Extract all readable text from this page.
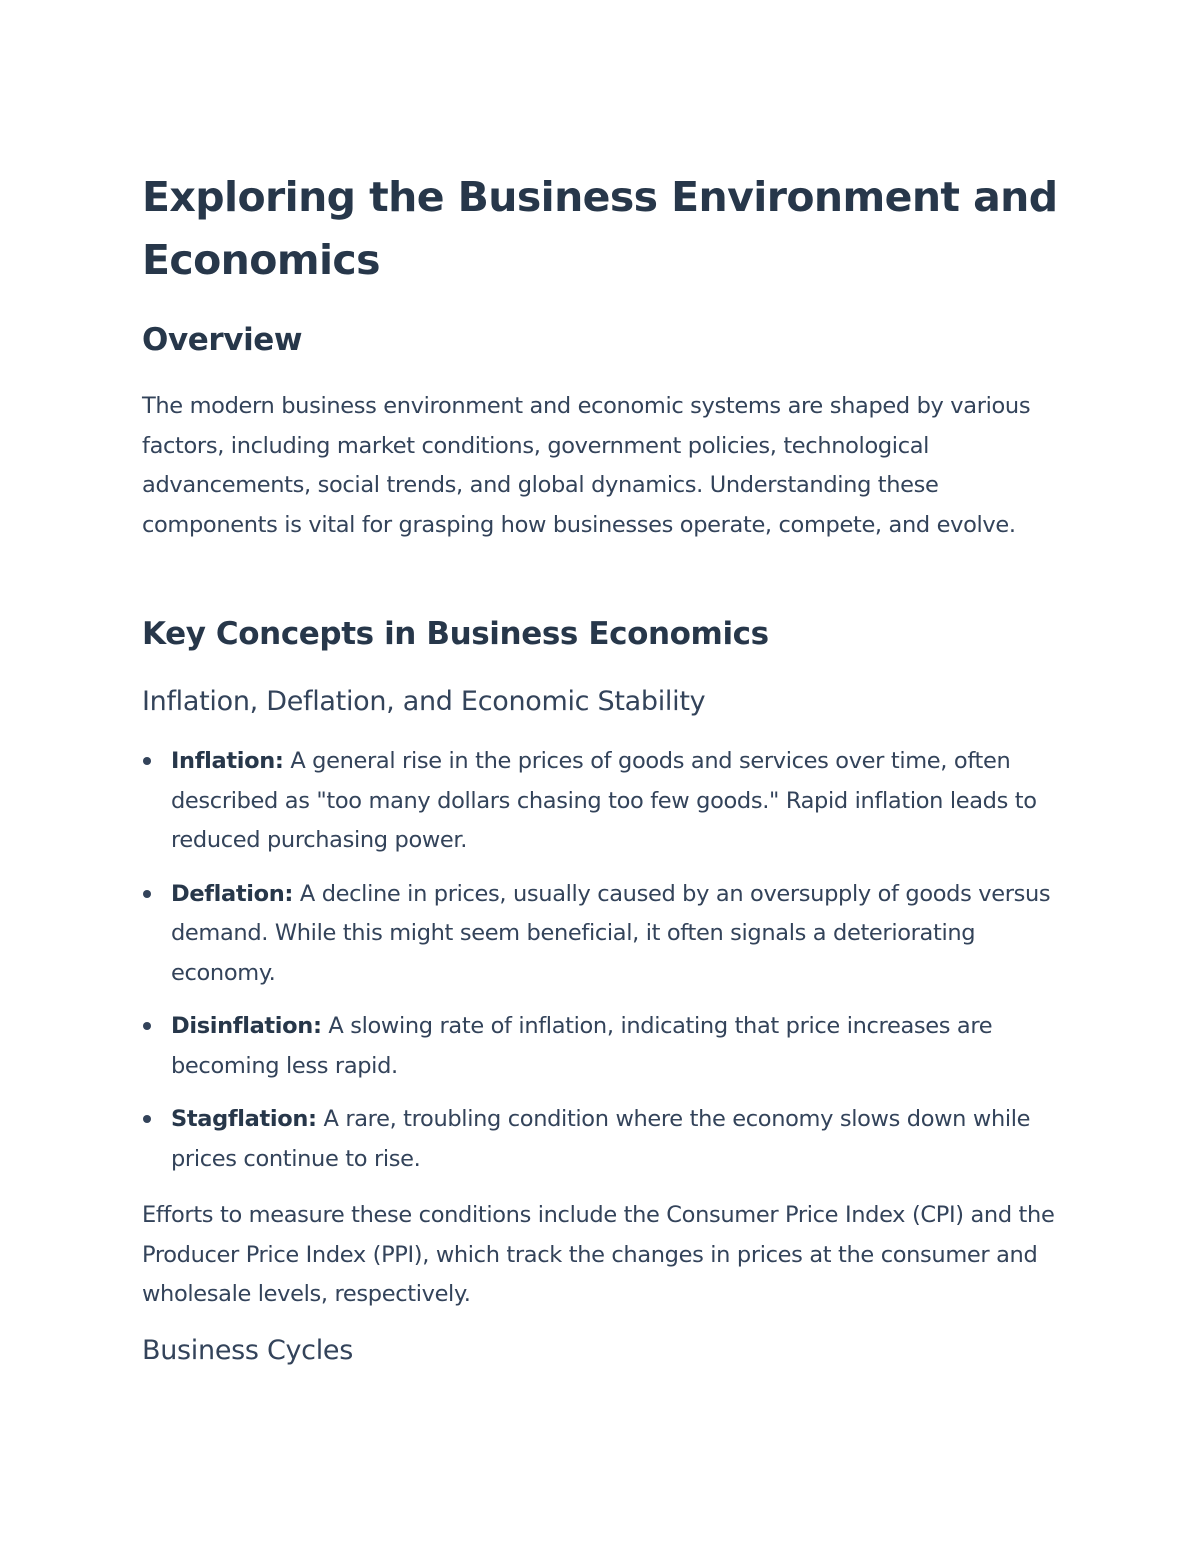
Exploring the Business Environment and Economics
Overview

The modern business environment and economic systems are shaped by various factors, including market conditions, government policies, technological advancements, social trends, and global dynamics. Understanding these components is vital for grasping how businesses operate, compete, and evolve.

Key Concepts in Business Economics
Inflation, Deflation, and Economic Stability
Inflation: A general rise in the prices of goods and services over time, often described as "too many dollars chasing too few goods." Rapid inflation leads to reduced purchasing power.
Deflation: A decline in prices, usually caused by an oversupply of goods versus demand. While this might seem beneficial, it often signals a deteriorating economy.
Disinflation: A slowing rate of inflation, indicating that price increases are becoming less rapid.
Stagflation: A rare, troubling condition where the economy slows down while prices continue to rise.

Efforts to measure these conditions include the Consumer Price Index (CPI) and the Producer Price Index (PPI), which track the changes in prices at the consumer and wholesale levels, respectively.

Business Cycles
